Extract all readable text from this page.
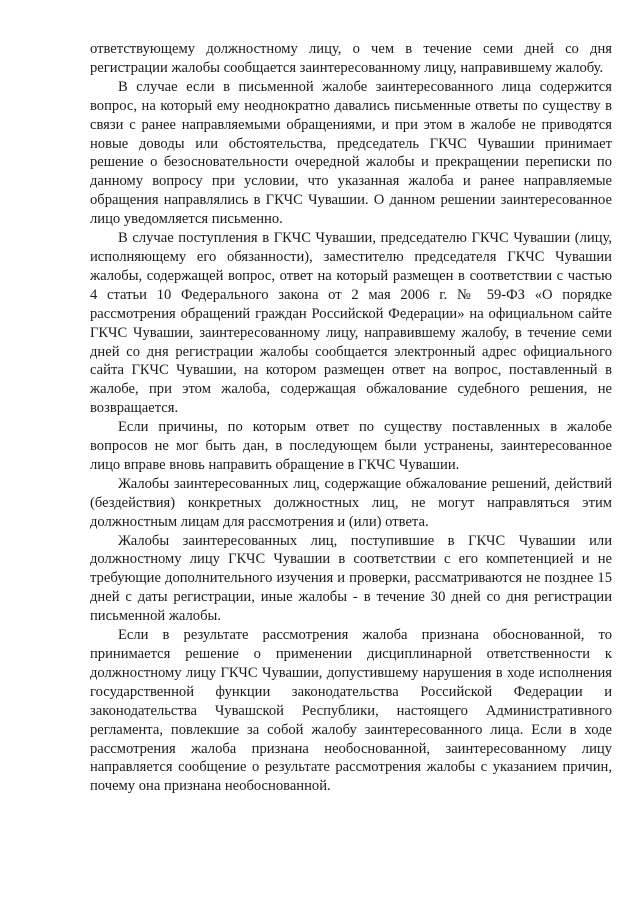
ответствующему должностному лицу, о чем в течение семи дней со дня регистрации жалобы сообщается заинтересованному лицу, направившему жалобу.

В случае если в письменной жалобе заинтересованного лица содержится вопрос, на который ему неоднократно давались письменные ответы по существу в связи с ранее направляемыми обращениями, и при этом в жалобе не приводятся новые доводы или обстоятельства, председатель ГКЧС Чувашии принимает решение о безосновательности очередной жалобы и прекращении переписки по данному вопросу при условии, что указанная жалоба и ранее направляемые обращения направлялись в ГКЧС Чувашии. О данном решении заинтересованное лицо уведомляется письменно.

В случае поступления в ГКЧС Чувашии, председателю ГКЧС Чувашии (лицу, исполняющему его обязанности), заместителю председателя ГКЧС Чувашии жалобы, содержащей вопрос, ответ на который размещен в соответствии с частью 4 статьи 10 Федерального закона от 2 мая 2006 г. № 59-ФЗ «О порядке рассмотрения обращений граждан Российской Федерации» на официальном сайте ГКЧС Чувашии, заинтересованному лицу, направившему жалобу, в течение семи дней со дня регистрации жалобы сообщается электронный адрес официального сайта ГКЧС Чувашии, на котором размещен ответ на вопрос, поставленный в жалобе, при этом жалоба, содержащая обжалование судебного решения, не возвращается.

Если причины, по которым ответ по существу поставленных в жалобе вопросов не мог быть дан, в последующем были устранены, заинтересованное лицо вправе вновь направить обращение в ГКЧС Чувашии.

Жалобы заинтересованных лиц, содержащие обжалование решений, действий (бездействия) конкретных должностных лиц, не могут направляться этим должностным лицам для рассмотрения и (или) ответа.

Жалобы заинтересованных лиц, поступившие в ГКЧС Чувашии или должностному лицу ГКЧС Чувашии в соответствии с его компетенцией и не требующие дополнительного изучения и проверки, рассматриваются не позднее 15 дней с даты регистрации, иные жалобы - в течение 30 дней со дня регистрации письменной жалобы.

Если в результате рассмотрения жалоба признана обоснованной, то принимается решение о применении дисциплинарной ответственности к должностному лицу ГКЧС Чувашии, допустившему нарушения в ходе исполнения государственной функции законодательства Российской Федерации и законодательства Чувашской Республики, настоящего Административного регламента, повлекшие за собой жалобу заинтересованного лица. Если в ходе рассмотрения жалоба признана необоснованной, заинтересованному лицу направляется сообщение о результате рассмотрения жалобы с указанием причин, почему она признана необоснованной.
